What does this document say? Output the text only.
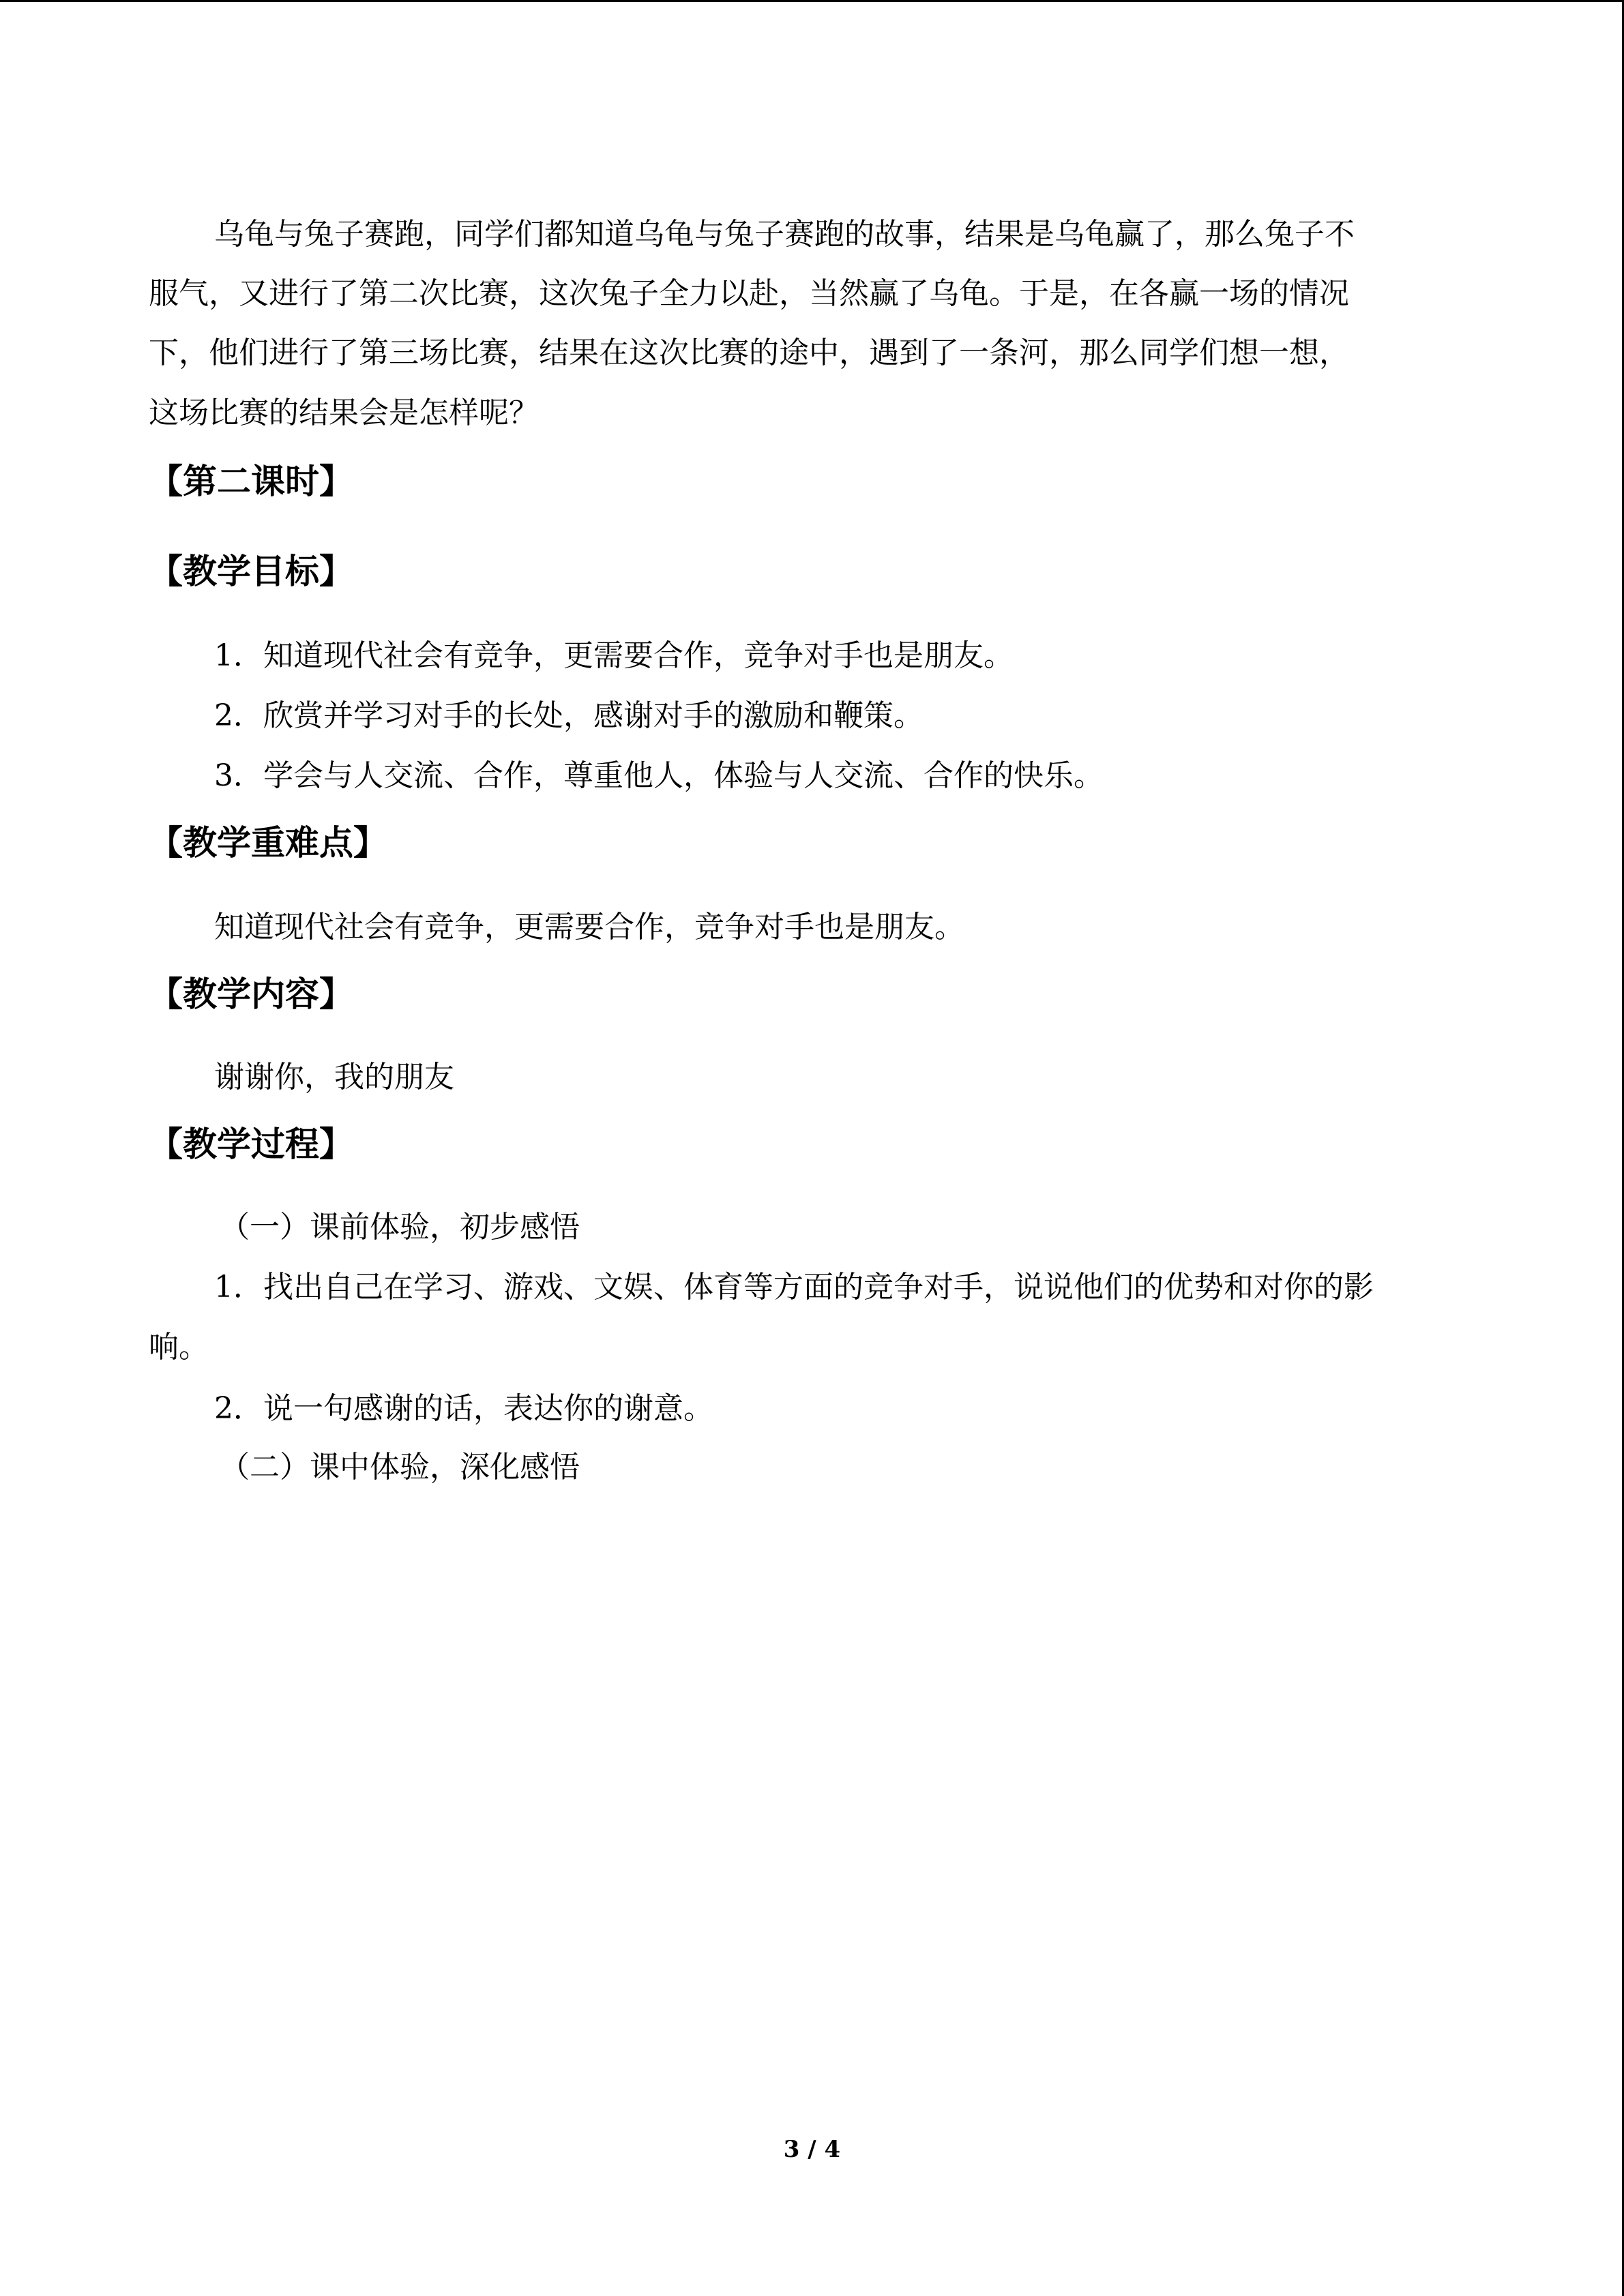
乌龟与兔子赛跑，同学们都知道乌龟与兔子赛跑的故事，结果是乌龟赢了，那么兔子不
服气，又进行了第二次比赛，这次兔子全力以赴，当然赢了乌龟。于是，在各赢一场的情况
下，他们进行了第三场比赛，结果在这次比赛的途中，遇到了一条河，那么同学们想一想，
这场比赛的结果会是怎样呢？
【第二课时】
【教学目标】
1．知道现代社会有竞争，更需要合作，竞争对手也是朋友。
2．欣赏并学习对手的长处，感谢对手的激励和鞭策。
3．学会与人交流、合作，尊重他人，体验与人交流、合作的快乐。
【教学重难点】
知道现代社会有竞争，更需要合作，竞争对手也是朋友。
【教学内容】
谢谢你，我的朋友
【教学过程】
（一）课前体验，初步感悟
1．找出自己在学习、游戏、文娱、体育等方面的竞争对手，说说他们的优势和对你的影
响。
2．说一句感谢的话，表达你的谢意。
（二）课中体验，深化感悟
3 / 4
